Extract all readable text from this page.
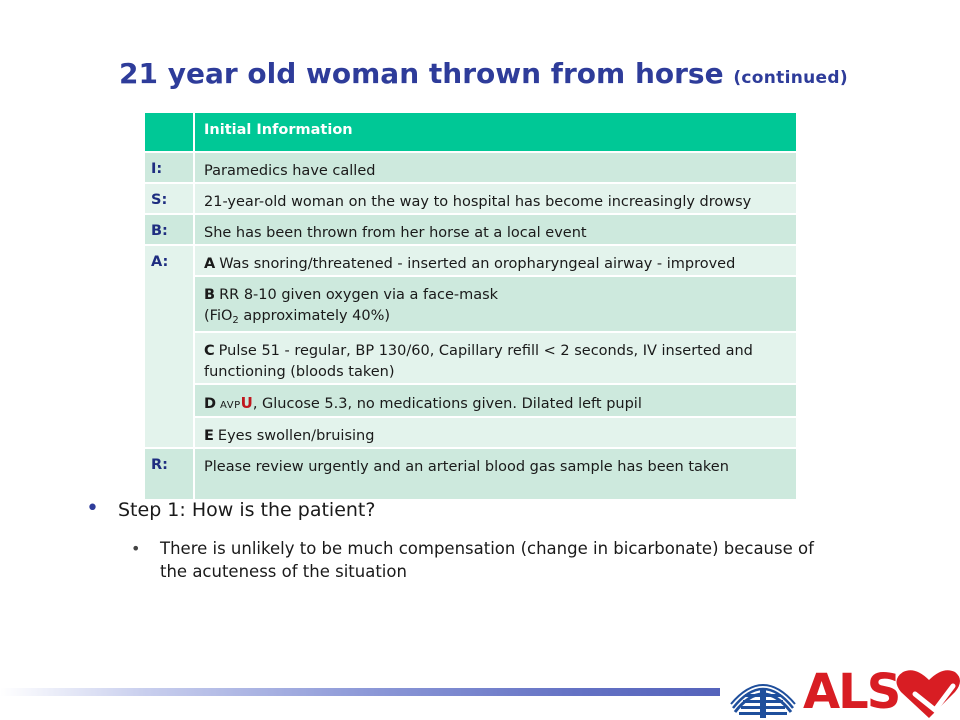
21 year old woman thrown from horse (continued)
	Initial Information
I:	Paramedics have called
S:	21-year-old woman on the way to hospital has become increasingly drowsy
B:	She has been thrown from her horse at a local event
A:	A Was snoring/threatened - inserted an oropharyngeal airway - improved
	B RR 8-10 given oxygen via a face-mask
(FiO$_2$ approximately 40%)
	C Pulse 51 - regular, BP 130/60, Capillary refill < 2 seconds, IV inserted and functioning (bloods taken)
	D AVPU, Glucose 5.3, no medications given. Dilated left pupil
	E Eyes swollen/bruising
R:	Please review urgently and an arterial blood gas sample has been taken
• Step 1: How is the patient?
• There is unlikely to be much compensation (change in bicarbonate) because of the acuteness of the situation
ALS
